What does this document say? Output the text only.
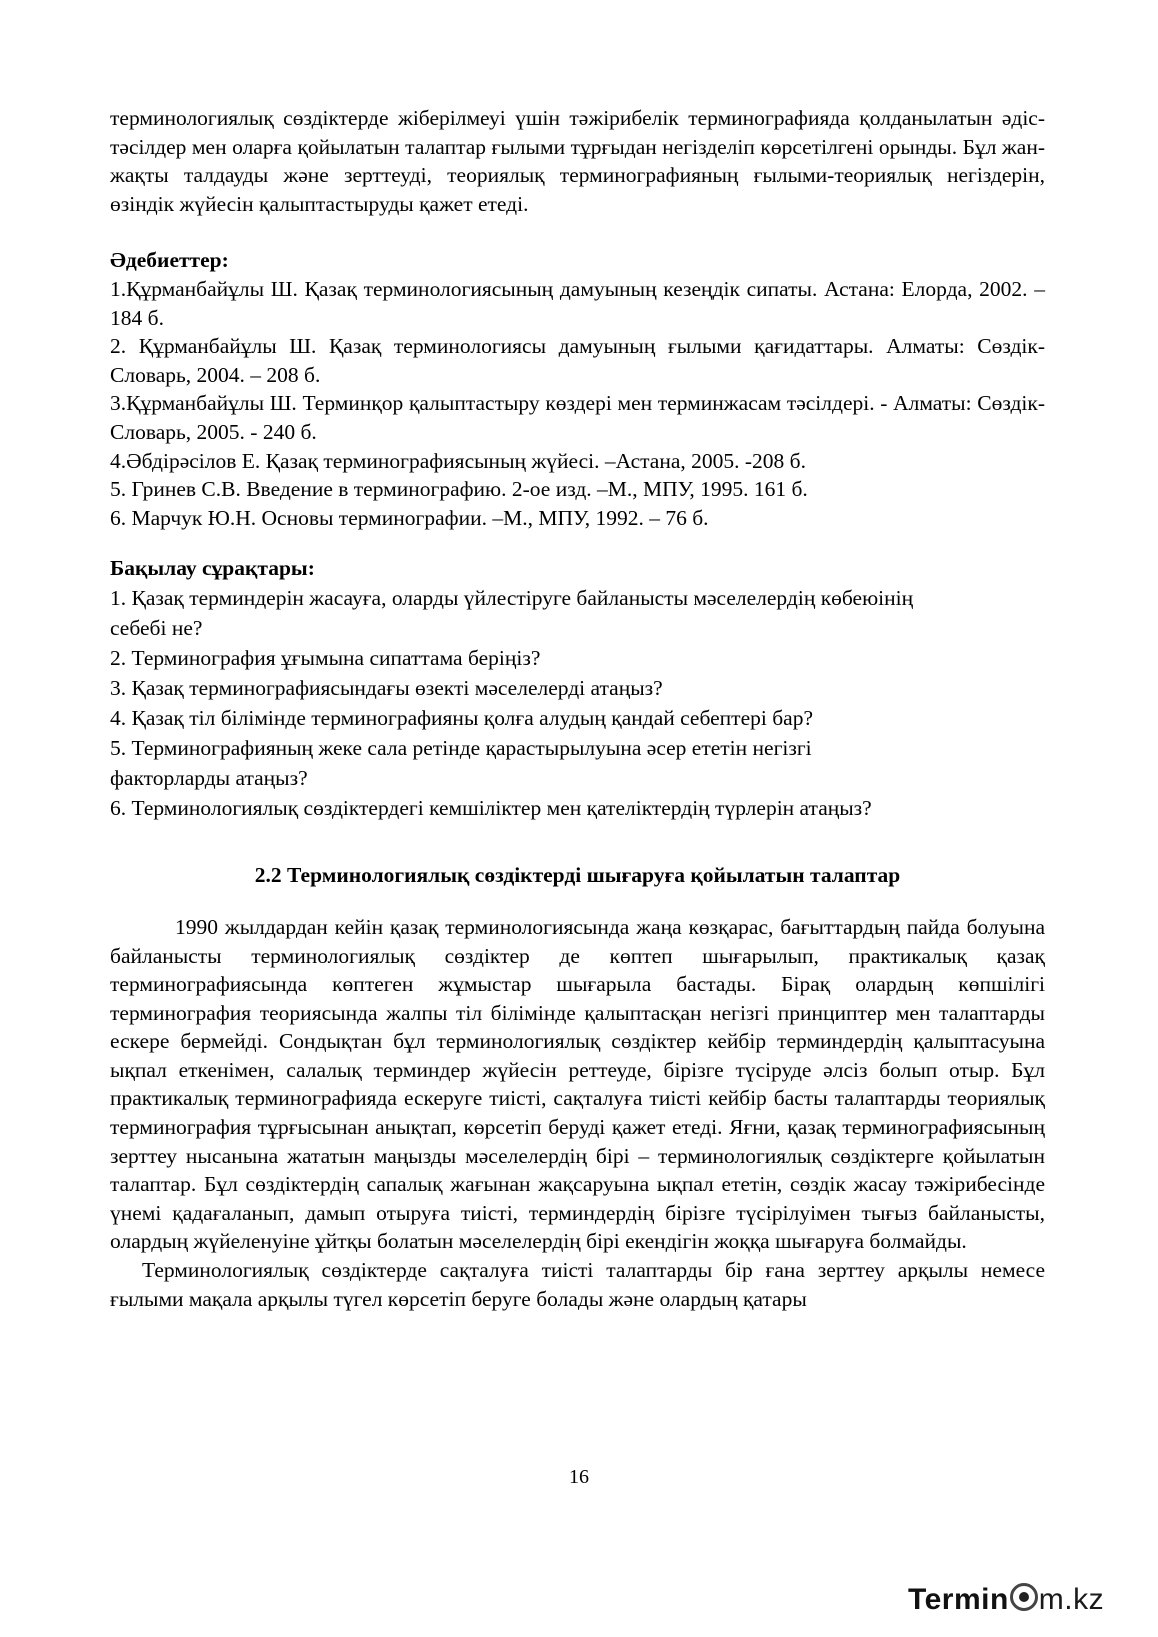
терминологиялық сөздіктерде жіберілмеуі үшін тәжірибелік терминографияда қолданылатын әдіс-тәсілдер мен оларға қойылатын талаптар ғылыми тұрғыдан негізделіп көрсетілгені орынды. Бұл жан-жақты талдауды және зерттеуді, теориялық терминографияның ғылыми-теориялық негіздерін, өзіндік жүйесін қалыптастыруды қажет етеді.

Әдебиеттер:

1.Құрманбайұлы Ш. Қазақ терминологиясының дамуының кезеңдік сипаты. Астана: Елорда, 2002. – 184 б.

2. Құрманбайұлы Ш. Қазақ терминологиясы дамуының ғылыми қағидаттары. Алматы: Сөздік-Словарь, 2004. – 208 б.

3.Құрманбайұлы Ш. Терминқор қалыптастыру көздері мен терминжасам тәсілдері. - Алматы: Сөздік-Словарь, 2005. - 240 б.

4.Әбдірәсілов Е. Қазақ терминографиясының жүйесі. –Астана, 2005. -208 б.

5. Гринев С.В. Введение в терминографию. 2-ое изд. –М., МПУ, 1995. 161 б.

6. Марчук Ю.Н. Основы терминографии. –М., МПУ, 1992. – 76 б.

Бақылау сұрақтары:

1. Қазақ терминдерін жасауға, оларды үйлестіруге байланысты мәселелердің көбеюінің себебі не?

2. Терминография ұғымына сипаттама беріңіз?

3. Қазақ терминографиясындағы өзекті мәселелерді атаңыз?

4. Қазақ тіл білімінде терминографияны қолға алудың қандай себептері бар?

5. Терминографияның жеке сала ретінде қарастырылуына әсер ететін негізгі факторларды атаңыз?

6. Терминологиялық сөздіктердегі кемшіліктер мен қателіктердің түрлерін атаңыз?

2.2 Терминологиялық сөздіктерді шығаруға қойылатын талаптар

1990 жылдардан кейін қазақ терминологиясында жаңа көзқарас, бағыттардың пайда болуына байланысты терминологиялық сөздіктер де көптеп шығарылып, практикалық қазақ терминографиясында көптеген жұмыстар шығарыла бастады. Бірақ олардың көпшілігі терминография теориясында жалпы тіл білімінде қалыптасқан негізгі принциптер мен талаптарды ескере бермейді. Сондықтан бұл терминологиялық сөздіктер кейбір терминдердің қалыптасуына ықпал еткенімен, салалық терминдер жүйесін реттеуде, бірізге түсіруде әлсіз болып отыр. Бұл практикалық терминографияда ескеруге тиісті, сақталуға тиісті кейбір басты талаптарды теориялық терминография тұрғысынан анықтап, көрсетіп беруді қажет етеді. Яғни, қазақ терминографиясының зерттеу нысанына жататын маңызды мәселелердің бірі – терминологиялық сөздіктерге қойылатын талаптар. Бұл сөздіктердің сапалық жағынан жақсаруына ықпал ететін, сөздік жасау тәжірибесінде үнемі қадағаланып, дамып отыруға тиісті, терминдердің бірізге түсірілуімен тығыз байланысты, олардың жүйеленуіне ұйтқы болатын мәселелердің бірі екендігін жоққа шығаруға болмайды.

Терминологиялық сөздіктерде сақталуға тиісті талаптарды бір ғана зерттеу арқылы немесе ғылыми мақала арқылы түгел көрсетіп беруге болады және олардың қатары

16
Termin m.kz
